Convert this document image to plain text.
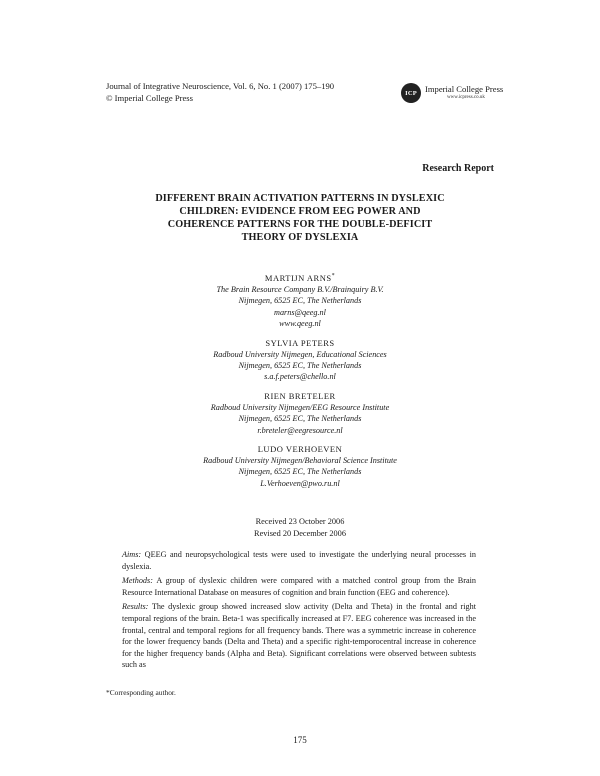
Journal of Integrative Neuroscience, Vol. 6, No. 1 (2007) 175–190
© Imperial College Press	ICP Imperial College Press
www.icpress.co.uk
Research Report
DIFFERENT BRAIN ACTIVATION PATTERNS IN DYSLEXIC
CHILDREN: EVIDENCE FROM EEG POWER AND
COHERENCE PATTERNS FOR THE DOUBLE-DEFICIT
THEORY OF DYSLEXIA
MARTIJN ARNS*
The Brain Resource Company B.V./Brainquiry B.V.
Nijmegen, 6525 EC, The Netherlands
marns@qeeg.nl
www.qeeg.nl
SYLVIA PETERS
Radboud University Nijmegen, Educational Sciences
Nijmegen, 6525 EC, The Netherlands
s.a.f.peters@chello.nl
RIEN BRETELER
Radboud University Nijmegen/EEG Resource Institute
Nijmegen, 6525 EC, The Netherlands
r.breteler@eegresource.nl
LUDO VERHOEVEN
Radboud University Nijmegen/Behavioral Science Institute
Nijmegen, 6525 EC, The Netherlands
L.Verhoeven@pwo.ru.nl
Received 23 October 2006
Revised 20 December 2006

Aims: QEEG and neuropsychological tests were used to investigate the underlying neural processes in dyslexia.

Methods: A group of dyslexic children were compared with a matched control group from the Brain Resource International Database on measures of cognition and brain function (EEG and coherence).

Results: The dyslexic group showed increased slow activity (Delta and Theta) in the frontal and right temporal regions of the brain. Beta-1 was specifically increased at F7. EEG coherence was increased in the frontal, central and temporal regions for all frequency bands. There was a symmetric increase in coherence for the lower frequency bands (Delta and Theta) and a specific right-temporocentral increase in coherence for the higher frequency bands (Alpha and Beta). Significant correlations were observed between subtests such as

*Corresponding author.
175
